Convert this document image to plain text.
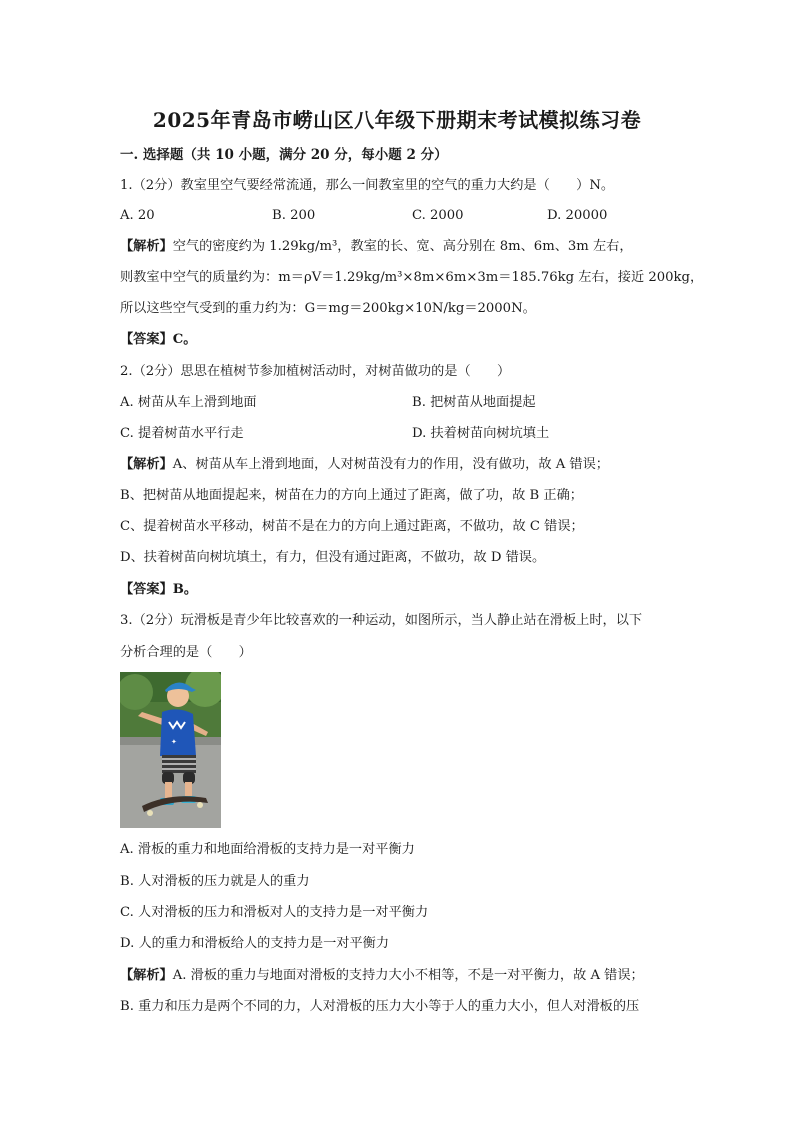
2025年青岛市崂山区八年级下册期末考试模拟练习卷
一. 选择题（共 10 小题，满分 20 分，每小题 2 分）
1.（2分）教室里空气要经常流通，那么一间教室里的空气的重力大约是（　　）N。
A. 20	B. 200	C. 2000	D. 20000
【解析】空气的密度约为 1.29kg/m³，教室的长、宽、高分别在 8m、6m、3m 左右，
则教室中空气的质量约为：m＝ρV＝1.29kg/m³×8m×6m×3m＝185.76kg 左右，接近 200kg，
所以这些空气受到的重力约为：G＝mg＝200kg×10N/kg＝2000N。
【答案】C。
2.（2分）思思在植树节参加植树活动时，对树苗做功的是（　　）
A. 树苗从车上滑到地面	B. 把树苗从地面提起
C. 提着树苗水平行走	D. 扶着树苗向树坑填土
【解析】A、树苗从车上滑到地面，人对树苗没有力的作用，没有做功，故 A 错误；
B、把树苗从地面提起来，树苗在力的方向上通过了距离，做了功，故 B 正确；
C、提着树苗水平移动，树苗不是在力的方向上通过距离，不做功，故 C 错误；
D、扶着树苗向树坑填土，有力，但没有通过距离，不做功，故 D 错误。
【答案】B。
3.（2分）玩滑板是青少年比较喜欢的一种运动，如图所示，当人静止站在滑板上时，以下
分析合理的是（　　）
✦
A. 滑板的重力和地面给滑板的支持力是一对平衡力
B. 人对滑板的压力就是人的重力
C. 人对滑板的压力和滑板对人的支持力是一对平衡力
D. 人的重力和滑板给人的支持力是一对平衡力
【解析】A. 滑板的重力与地面对滑板的支持力大小不相等，不是一对平衡力，故 A 错误；
B. 重力和压力是两个不同的力，人对滑板的压力大小等于人的重力大小，但人对滑板的压
